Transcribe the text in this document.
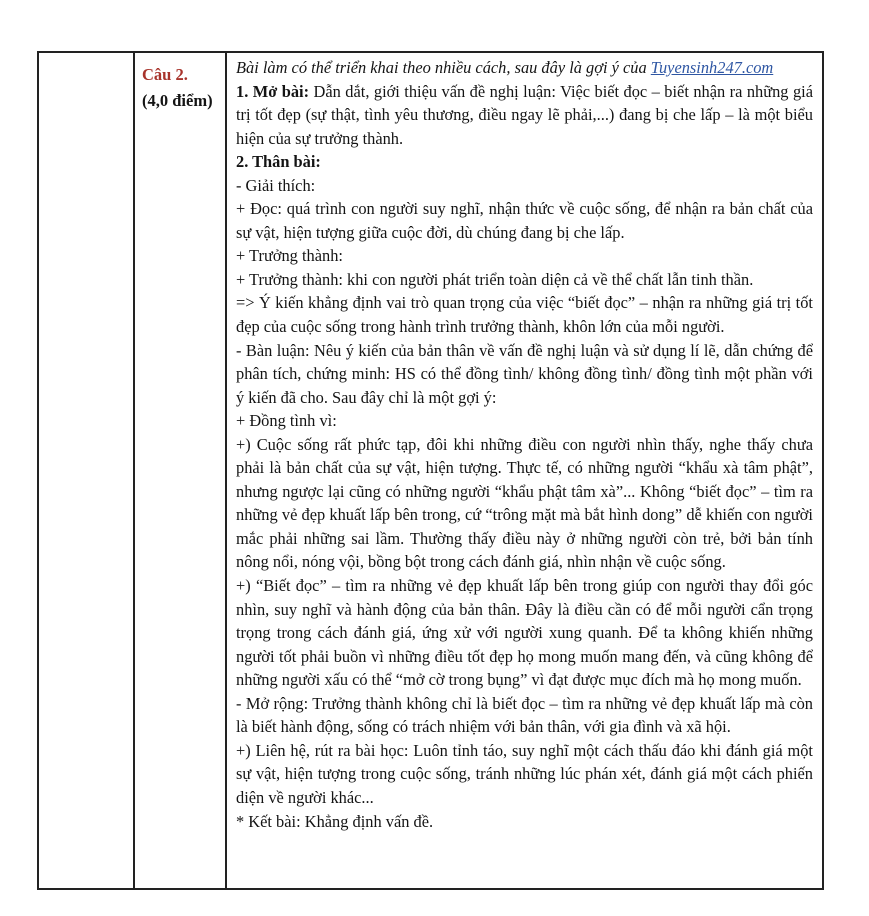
Câu 2.
(4,0 điểm)

Bài làm có thể triển khai theo nhiều cách, sau đây là gợi ý của Tuyensinh247.com

1. Mở bài: Dẫn dắt, giới thiệu vấn đề nghị luận: Việc biết đọc – biết nhận ra những giá trị tốt đẹp (sự thật, tình yêu thương, điều ngay lẽ phải,...) đang bị che lấp – là một biểu hiện của sự trưởng thành.

2. Thân bài:

- Giải thích:

+ Đọc: quá trình con người suy nghĩ, nhận thức về cuộc sống, để nhận ra bản chất của sự vật, hiện tượng giữa cuộc đời, dù chúng đang bị che lấp.

+ Trưởng thành:

+ Trưởng thành: khi con người phát triển toàn diện cả về thể chất lẫn tinh thần.

=> Ý kiến khẳng định vai trò quan trọng của việc “biết đọc” – nhận ra những giá trị tốt đẹp của cuộc sống trong hành trình trưởng thành, khôn lớn của mỗi người.

- Bàn luận: Nêu ý kiến của bản thân về vấn đề nghị luận và sử dụng lí lẽ, dẫn chứng để phân tích, chứng minh: HS có thể đồng tình/ không đồng tình/ đồng tình một phần với ý kiến đã cho. Sau đây chỉ là một gợi ý:

+ Đồng tình vì:

+) Cuộc sống rất phức tạp, đôi khi những điều con người nhìn thấy, nghe thấy chưa phải là bản chất của sự vật, hiện tượng. Thực tế, có những người “khẩu xà tâm phật”, nhưng ngược lại cũng có những người “khẩu phật tâm xà”... Không “biết đọc” – tìm ra những vẻ đẹp khuất lấp bên trong, cứ “trông mặt mà bắt hình dong” dễ khiến con người mắc phải những sai lầm. Thường thấy điều này ở những người còn trẻ, bởi bản tính nông nổi, nóng vội, bồng bột trong cách đánh giá, nhìn nhận về cuộc sống.

+) “Biết đọc” – tìm ra những vẻ đẹp khuất lấp bên trong giúp con người thay đổi góc nhìn, suy nghĩ và hành động của bản thân. Đây là điều cần có để mỗi người cẩn trọng trọng trong cách đánh giá, ứng xử với người xung quanh. Để ta không khiến những người tốt phải buồn vì những điều tốt đẹp họ mong muốn mang đến, và cũng không để những người xấu có thể “mở cờ trong bụng” vì đạt được mục đích mà họ mong muốn.

- Mở rộng: Trưởng thành không chỉ là biết đọc – tìm ra những vẻ đẹp khuất lấp mà còn là biết hành động, sống có trách nhiệm với bản thân, với gia đình và xã hội.

+) Liên hệ, rút ra bài học: Luôn tỉnh táo, suy nghĩ một cách thấu đáo khi đánh giá một sự vật, hiện tượng trong cuộc sống, tránh những lúc phán xét, đánh giá một cách phiến diện về người khác...

* Kết bài: Khẳng định vấn đề.
